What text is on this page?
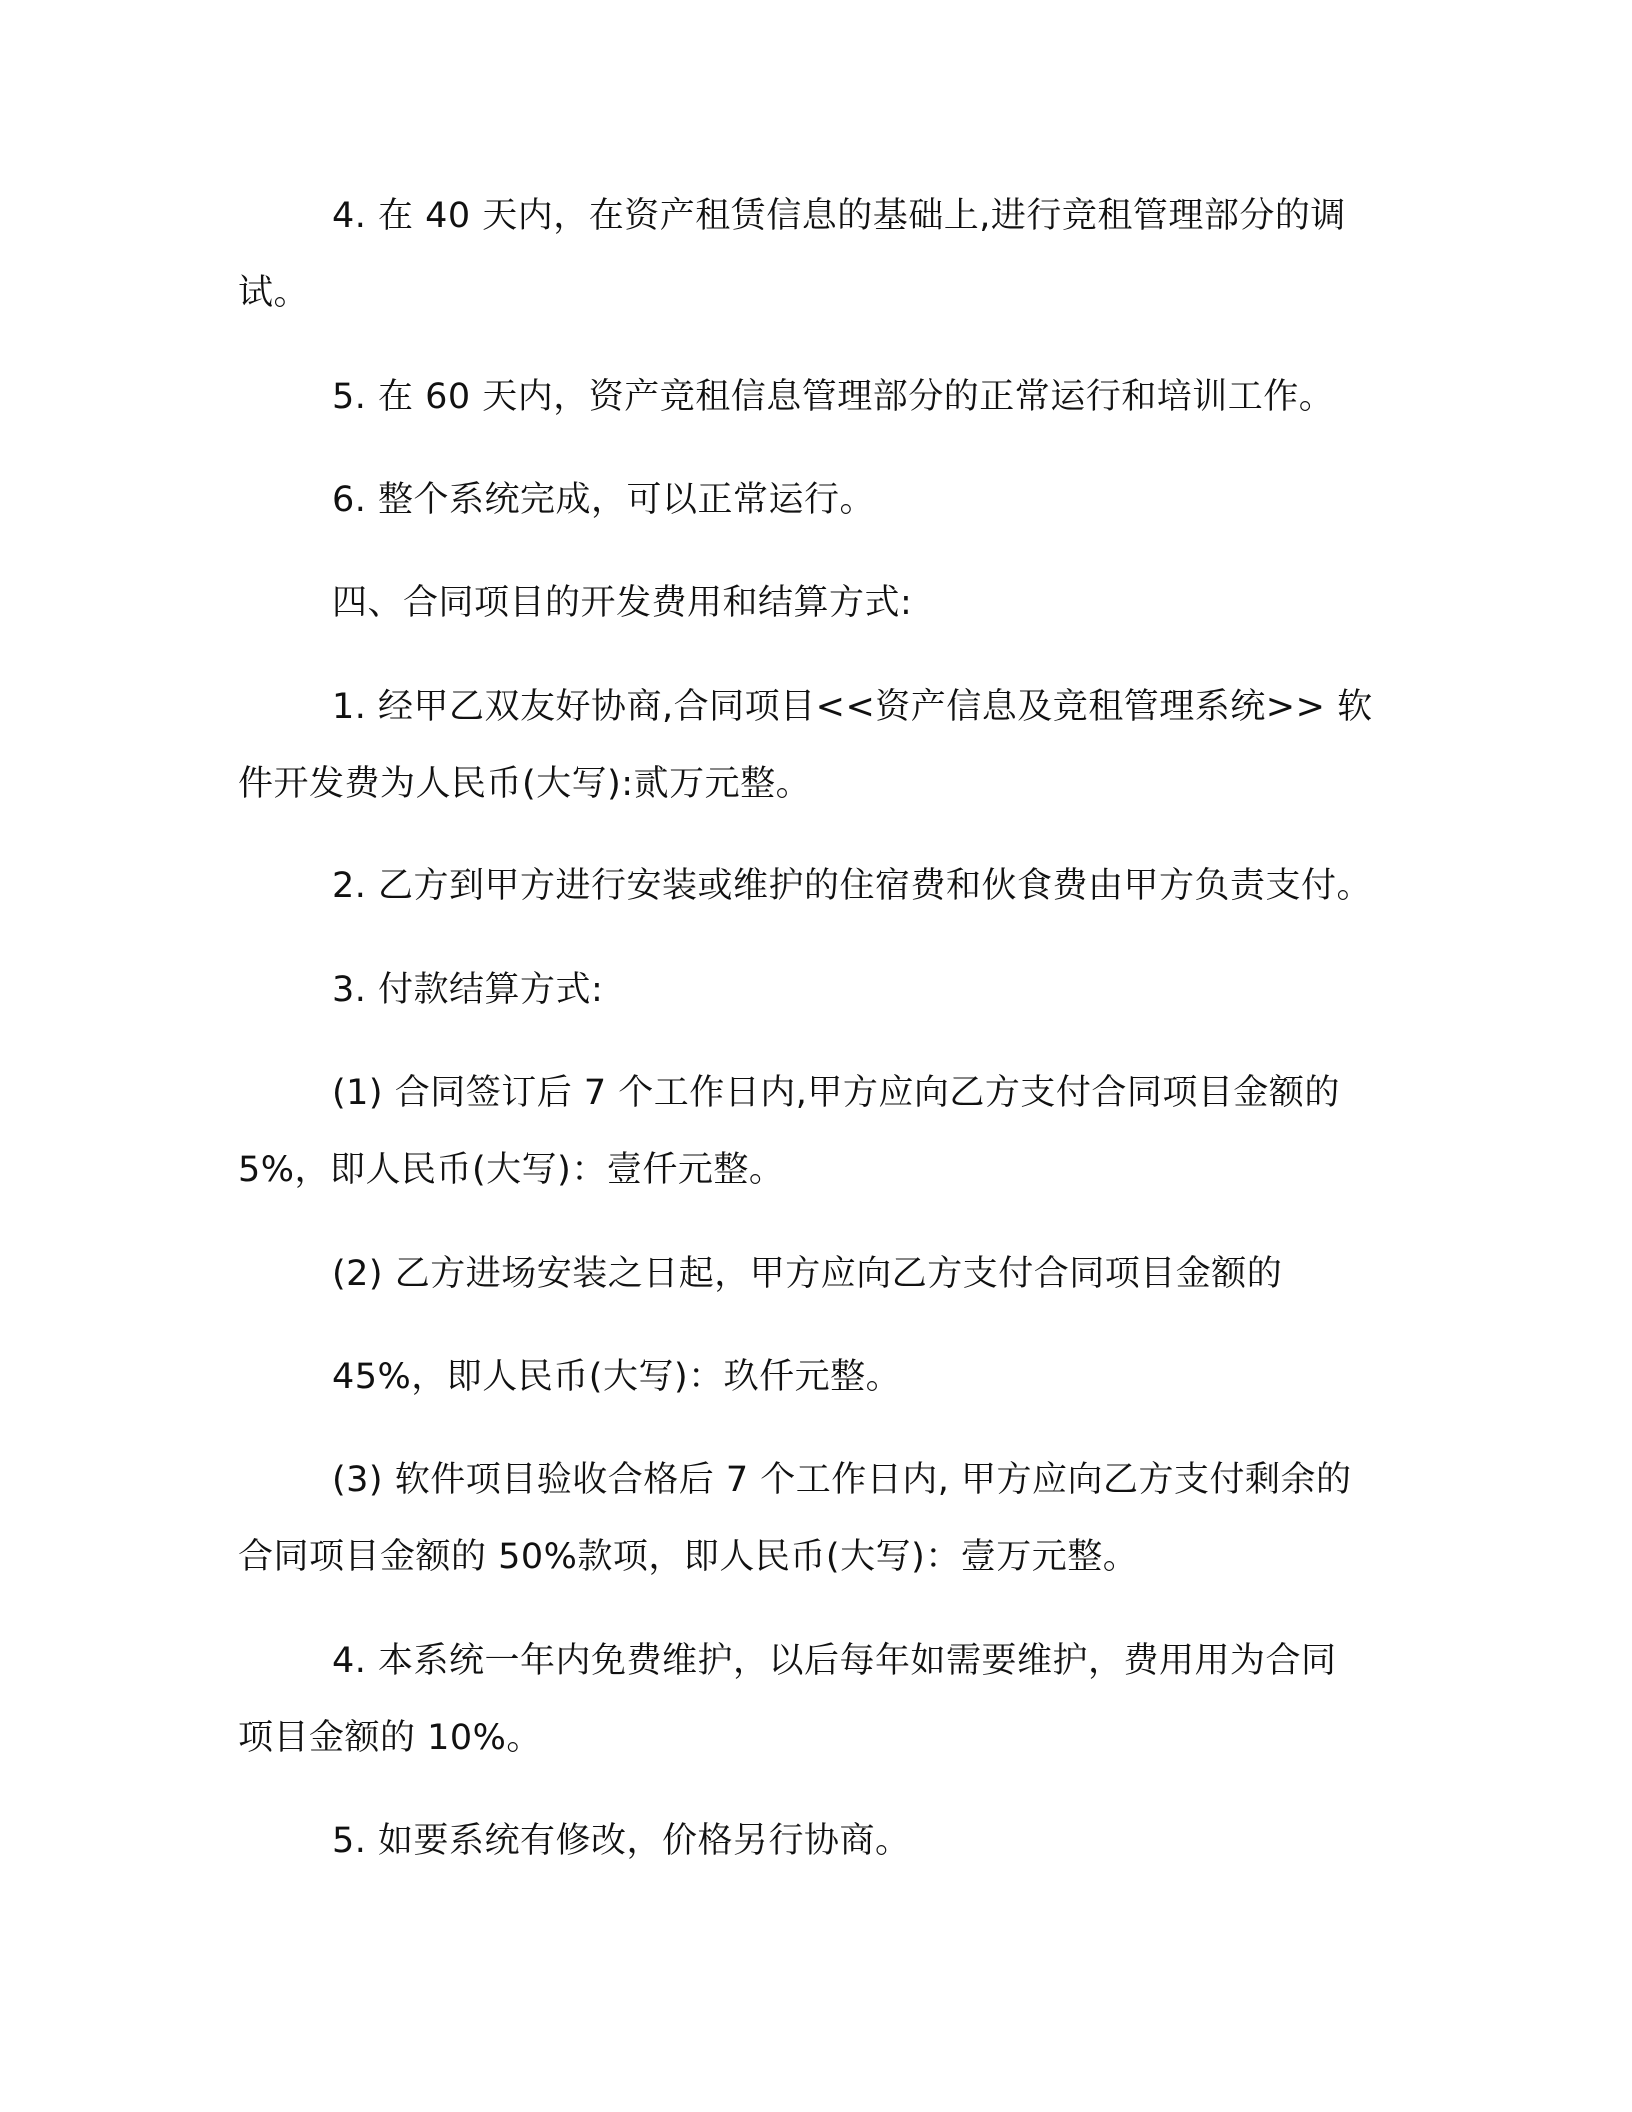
4. 在 40 天内，在资产租赁信息的基础上,进行竞租管理部分的调

试。

5. 在 60 天内，资产竞租信息管理部分的正常运行和培训工作。

6. 整个系统完成，可以正常运行。

四、合同项目的开发费用和结算方式:

1. 经甲乙双友好协商,合同项目<<资产信息及竞租管理系统>> 软

件开发费为人民币(大写):贰万元整。

2. 乙方到甲方进行安装或维护的住宿费和伙食费由甲方负责支付。

3. 付款结算方式:

(1) 合同签订后 7 个工作日内,甲方应向乙方支付合同项目金额的

5%，即人民币(大写)：壹仟元整。

(2) 乙方进场安装之日起，甲方应向乙方支付合同项目金额的

45%，即人民币(大写)：玖仟元整。

(3) 软件项目验收合格后 7 个工作日内, 甲方应向乙方支付剩余的

合同项目金额的 50%款项，即人民币(大写)：壹万元整。

4. 本系统一年内免费维护，以后每年如需要维护，费用用为合同

项目金额的 10%。

5. 如要系统有修改，价格另行协商。
